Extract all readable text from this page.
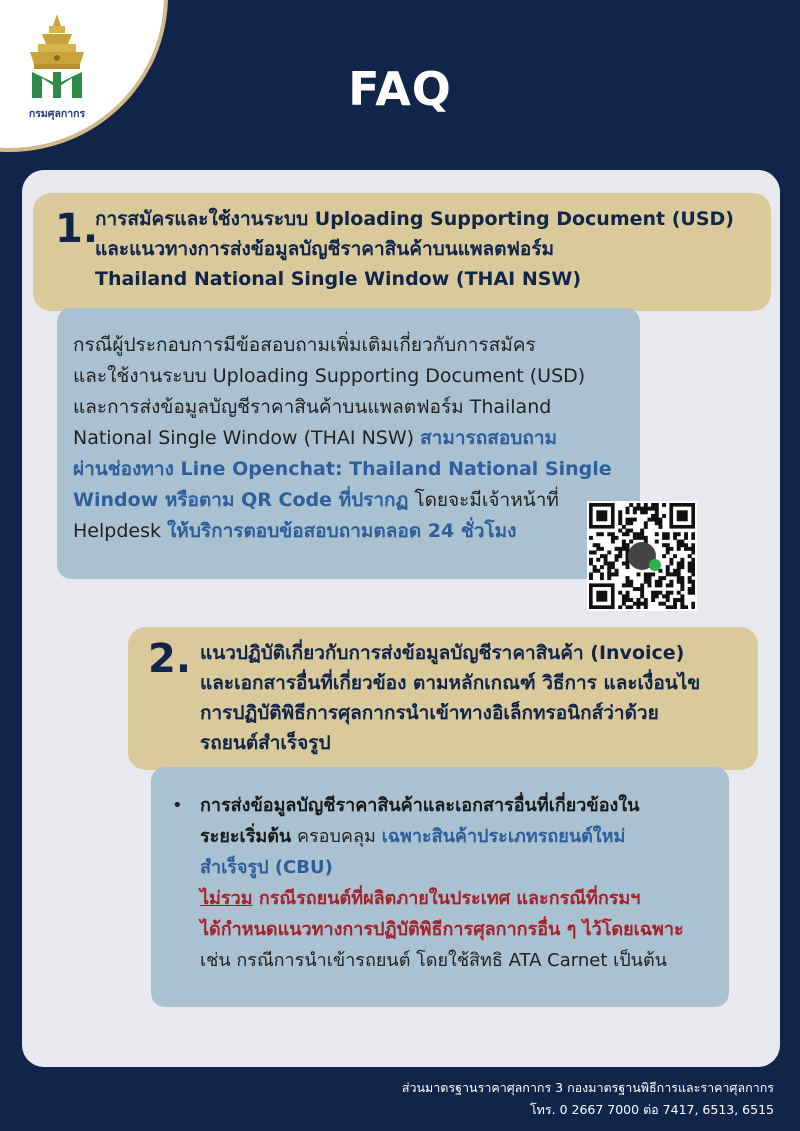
กรมศุลกากร	FAQ
1.
การสมัครและใช้งานระบบ Uploading Supporting Document (USD)
และแนวทางการส่งข้อมูลบัญชีราคาสินค้าบนแพลตฟอร์ม
Thailand National Single Window (THAI NSW)
กรณีผู้ประกอบการมีข้อสอบถามเพิ่มเติมเกี่ยวกับการสมัคร
และใช้งานระบบ Uploading Supporting Document (USD)
และการส่งข้อมูลบัญชีราคาสินค้าบนแพลตฟอร์ม Thailand
National Single Window (THAI NSW) สามารถสอบถาม
ผ่านช่องทาง Line Openchat: Thailand National Single
Window หรือตาม QR Code ที่ปรากฏ โดยจะมีเจ้าหน้าที่
Helpdesk ให้บริการตอบข้อสอบถามตลอด 24 ชั่วโมง
2. แนวปฏิบัติเกี่ยวกับการส่งข้อมูลบัญชีราคาสินค้า (Invoice)
และเอกสารอื่นที่เกี่ยวข้อง ตามหลักเกณฑ์ วิธีการ และเงื่อนไข
การปฏิบัติพิธีการศุลกากรนำเข้าทางอิเล็กทรอนิกส์ว่าด้วย
รถยนต์สำเร็จรูป
• การส่งข้อมูลบัญชีราคาสินค้าและเอกสารอื่นที่เกี่ยวข้องใน
ระยะเริ่มต้น ครอบคลุม เฉพาะสินค้าประเภทรถยนต์ใหม่
สำเร็จรูป (CBU)
ไม่รวม กรณีรถยนต์ที่ผลิตภายในประเทศ และกรณีที่กรมฯ
ได้กำหนดแนวทางการปฏิบัติพิธีการศุลกากรอื่น ๆ ไว้โดยเฉพาะ
เช่น กรณีการนำเข้ารถยนต์ โดยใช้สิทธิ ATA Carnet เป็นต้น
ส่วนมาตรฐานราคาศุลกากร 3 กองมาตรฐานพิธีการและราคาศุลกากร
โทร. 0 2667 7000 ต่อ 7417, 6513, 6515
